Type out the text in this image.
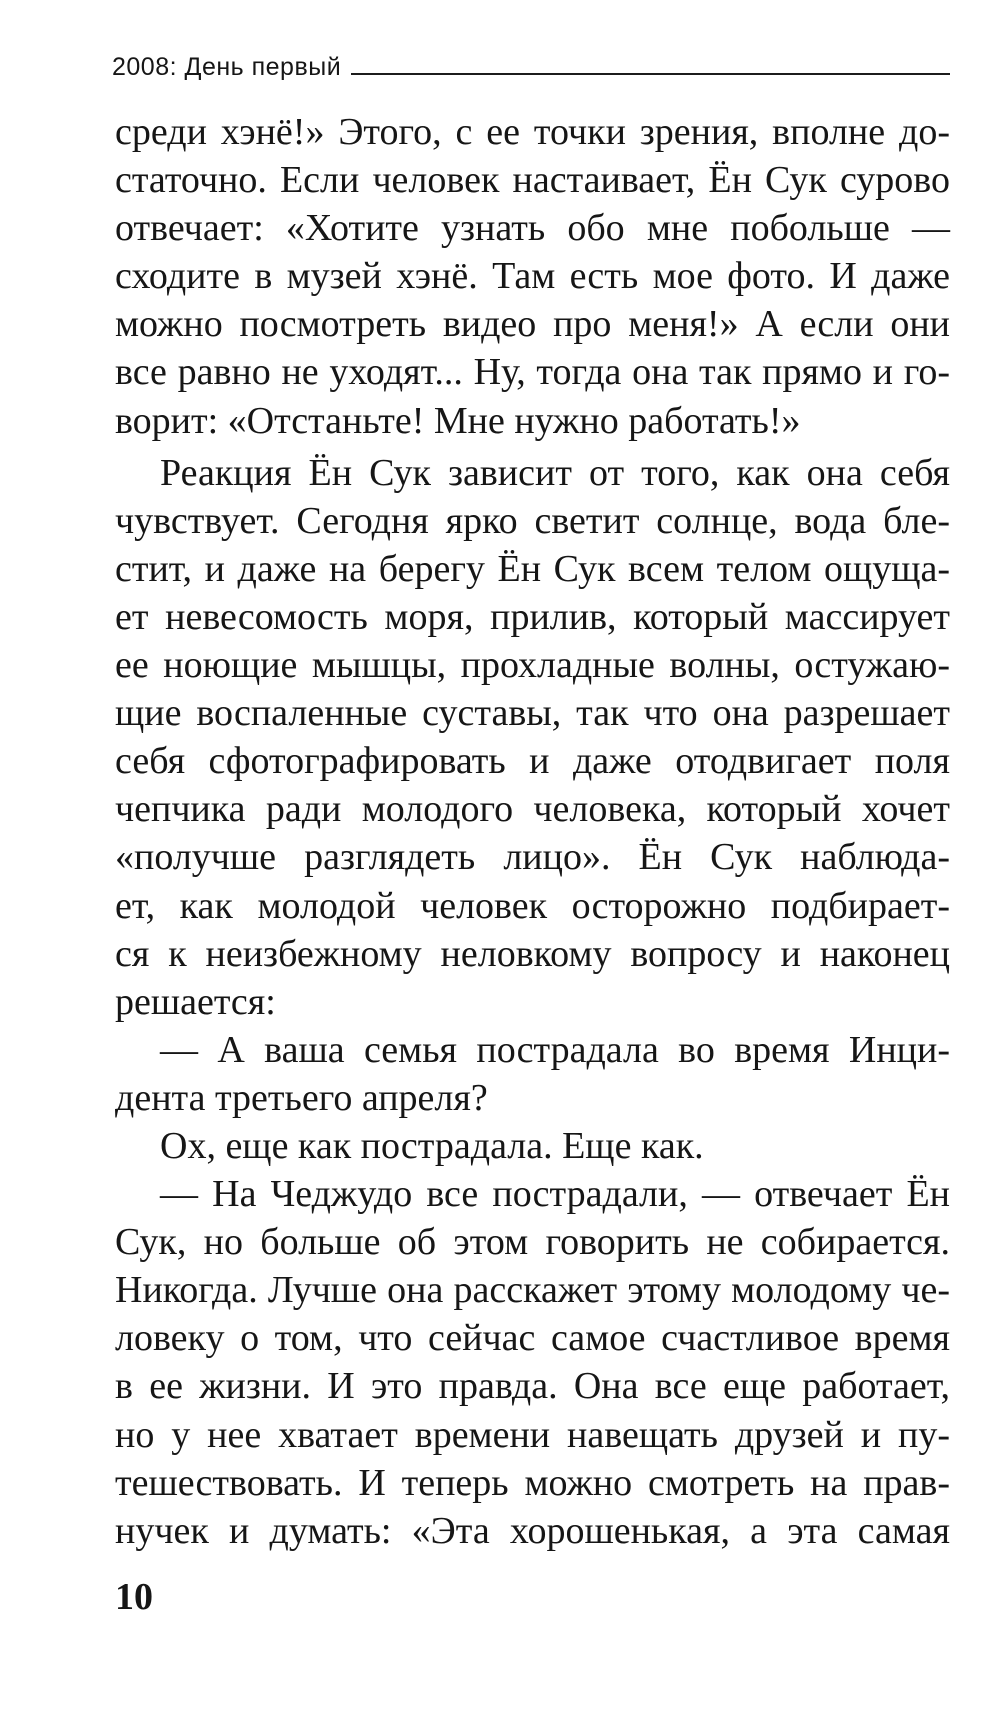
2008: День первый
среди хэнё!» Этого, с ее точки зрения, вполне до-
статочно. Если человек настаивает, Ён Сук сурово
отвечает: «Хотите узнать обо мне побольше —
сходите в музей хэнё. Там есть мое фото. И даже
можно посмотреть видео про меня!» А если они
все равно не уходят... Ну, тогда она так прямо и го-
ворит: «Отстаньте! Мне нужно работать!»
Реакция Ён Сук зависит от того, как она себя
чувствует. Сегодня ярко светит солнце, вода бле-
стит, и даже на берегу Ён Сук всем телом ощуща-
ет невесомость моря, прилив, который массирует
ее ноющие мышцы, прохладные волны, остужаю-
щие воспаленные суставы, так что она разрешает
себя сфотографировать и даже отодвигает поля
чепчика ради молодого человека, который хочет
«получше разглядеть лицо». Ён Сук наблюда-
ет, как молодой человек осторожно подбирает-
ся к неизбежному неловкому вопросу и наконец
решается:
— А ваша семья пострадала во время Инци-
дента третьего апреля?
Ох, еще как пострадала. Еще как.
— На Чеджудо все пострадали, — отвечает Ён
Сук, но больше об этом говорить не собирается.
Никогда. Лучше она расскажет этому молодому че-
ловеку о том, что сейчас самое счастливое время
в ее жизни. И это правда. Она все еще работает,
но у нее хватает времени навещать друзей и пу-
тешествовать. И теперь можно смотреть на прав-
нучек и думать: «Эта хорошенькая, а эта самая
10
